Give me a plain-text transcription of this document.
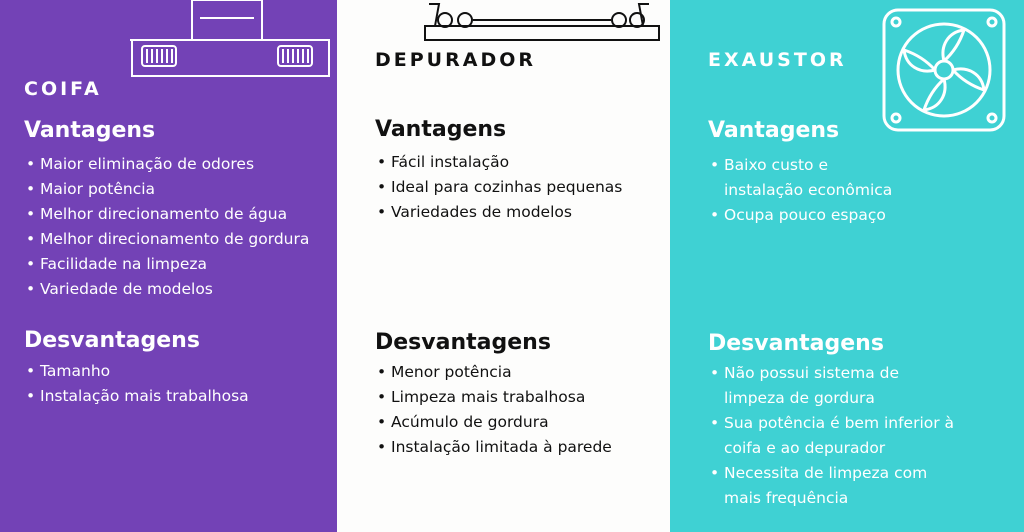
COIFA
Vantagens
• Maior eliminação de odores
• Maior potência
• Melhor direcionamento de água
• Melhor direcionamento de gordura
• Facilidade na limpeza
• Variedade de modelos
Desvantagens
• Tamanho
• Instalação mais trabalhosa
DEPURADOR
Vantagens
• Fácil instalação
• Ideal para cozinhas pequenas
• Variedades de modelos
Desvantagens
• Menor potência
• Limpeza mais trabalhosa
• Acúmulo de gordura
• Instalação limitada à parede
EXAUSTOR
Vantagens
• Baixo custo e
instalação econômica
• Ocupa pouco espaço
Desvantagens
• Não possui sistema de
limpeza de gordura
• Sua potência é bem inferior à
coifa e ao depurador
• Necessita de limpeza com
mais frequência
